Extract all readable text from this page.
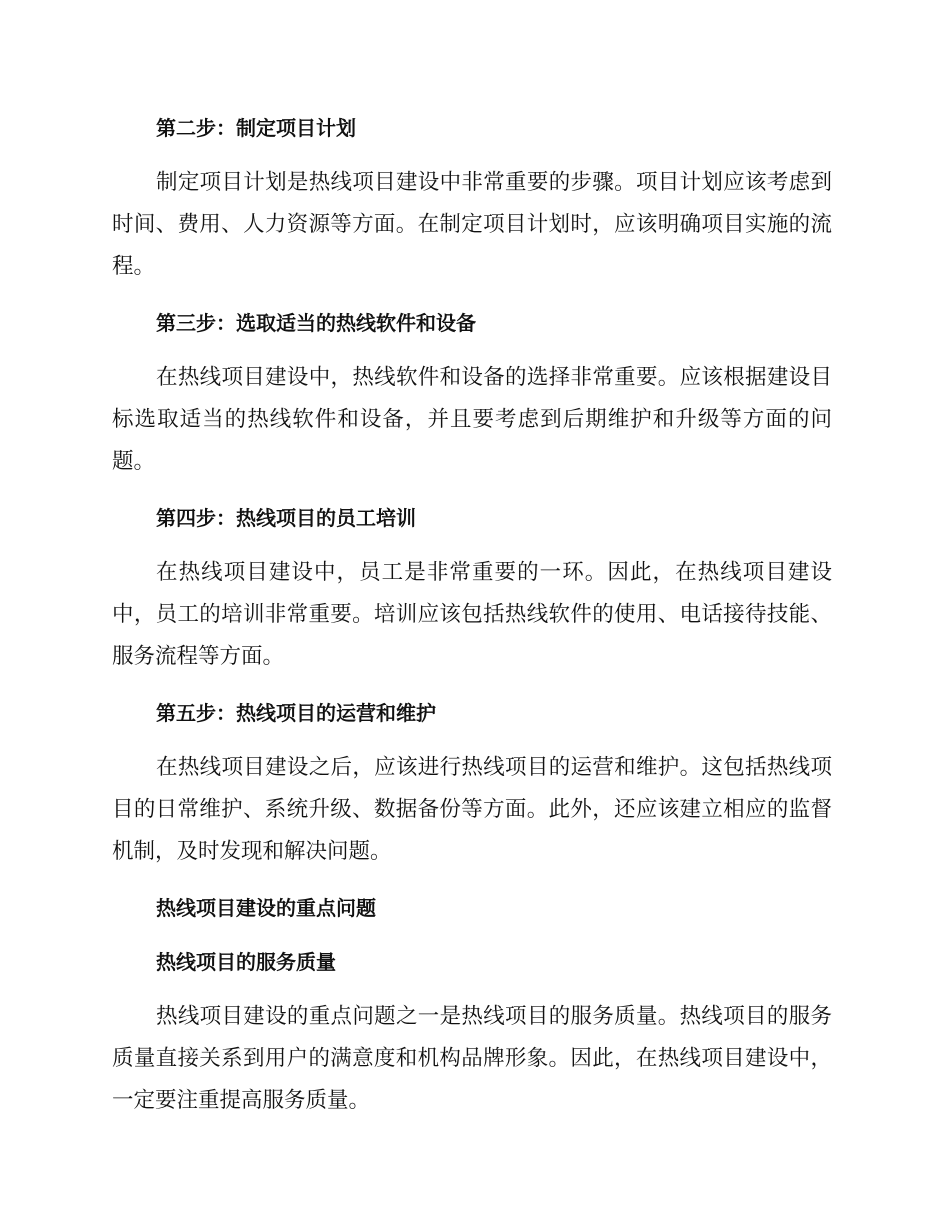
第二步：制定项目计划

制定项目计划是热线项目建设中非常重要的步骤。项目计划应该考虑到时间、费用、人力资源等方面。在制定项目计划时，应该明确项目实施的流程。

第三步：选取适当的热线软件和设备

在热线项目建设中，热线软件和设备的选择非常重要。应该根据建设目标选取适当的热线软件和设备，并且要考虑到后期维护和升级等方面的问题。

第四步：热线项目的员工培训

在热线项目建设中，员工是非常重要的一环。因此，在热线项目建设中，员工的培训非常重要。培训应该包括热线软件的使用、电话接待技能、服务流程等方面。

第五步：热线项目的运营和维护

在热线项目建设之后，应该进行热线项目的运营和维护。这包括热线项目的日常维护、系统升级、数据备份等方面。此外，还应该建立相应的监督机制，及时发现和解决问题。

热线项目建设的重点问题
热线项目的服务质量

热线项目建设的重点问题之一是热线项目的服务质量。热线项目的服务质量直接关系到用户的满意度和机构品牌形象。因此，在热线项目建设中，一定要注重提高服务质量。
